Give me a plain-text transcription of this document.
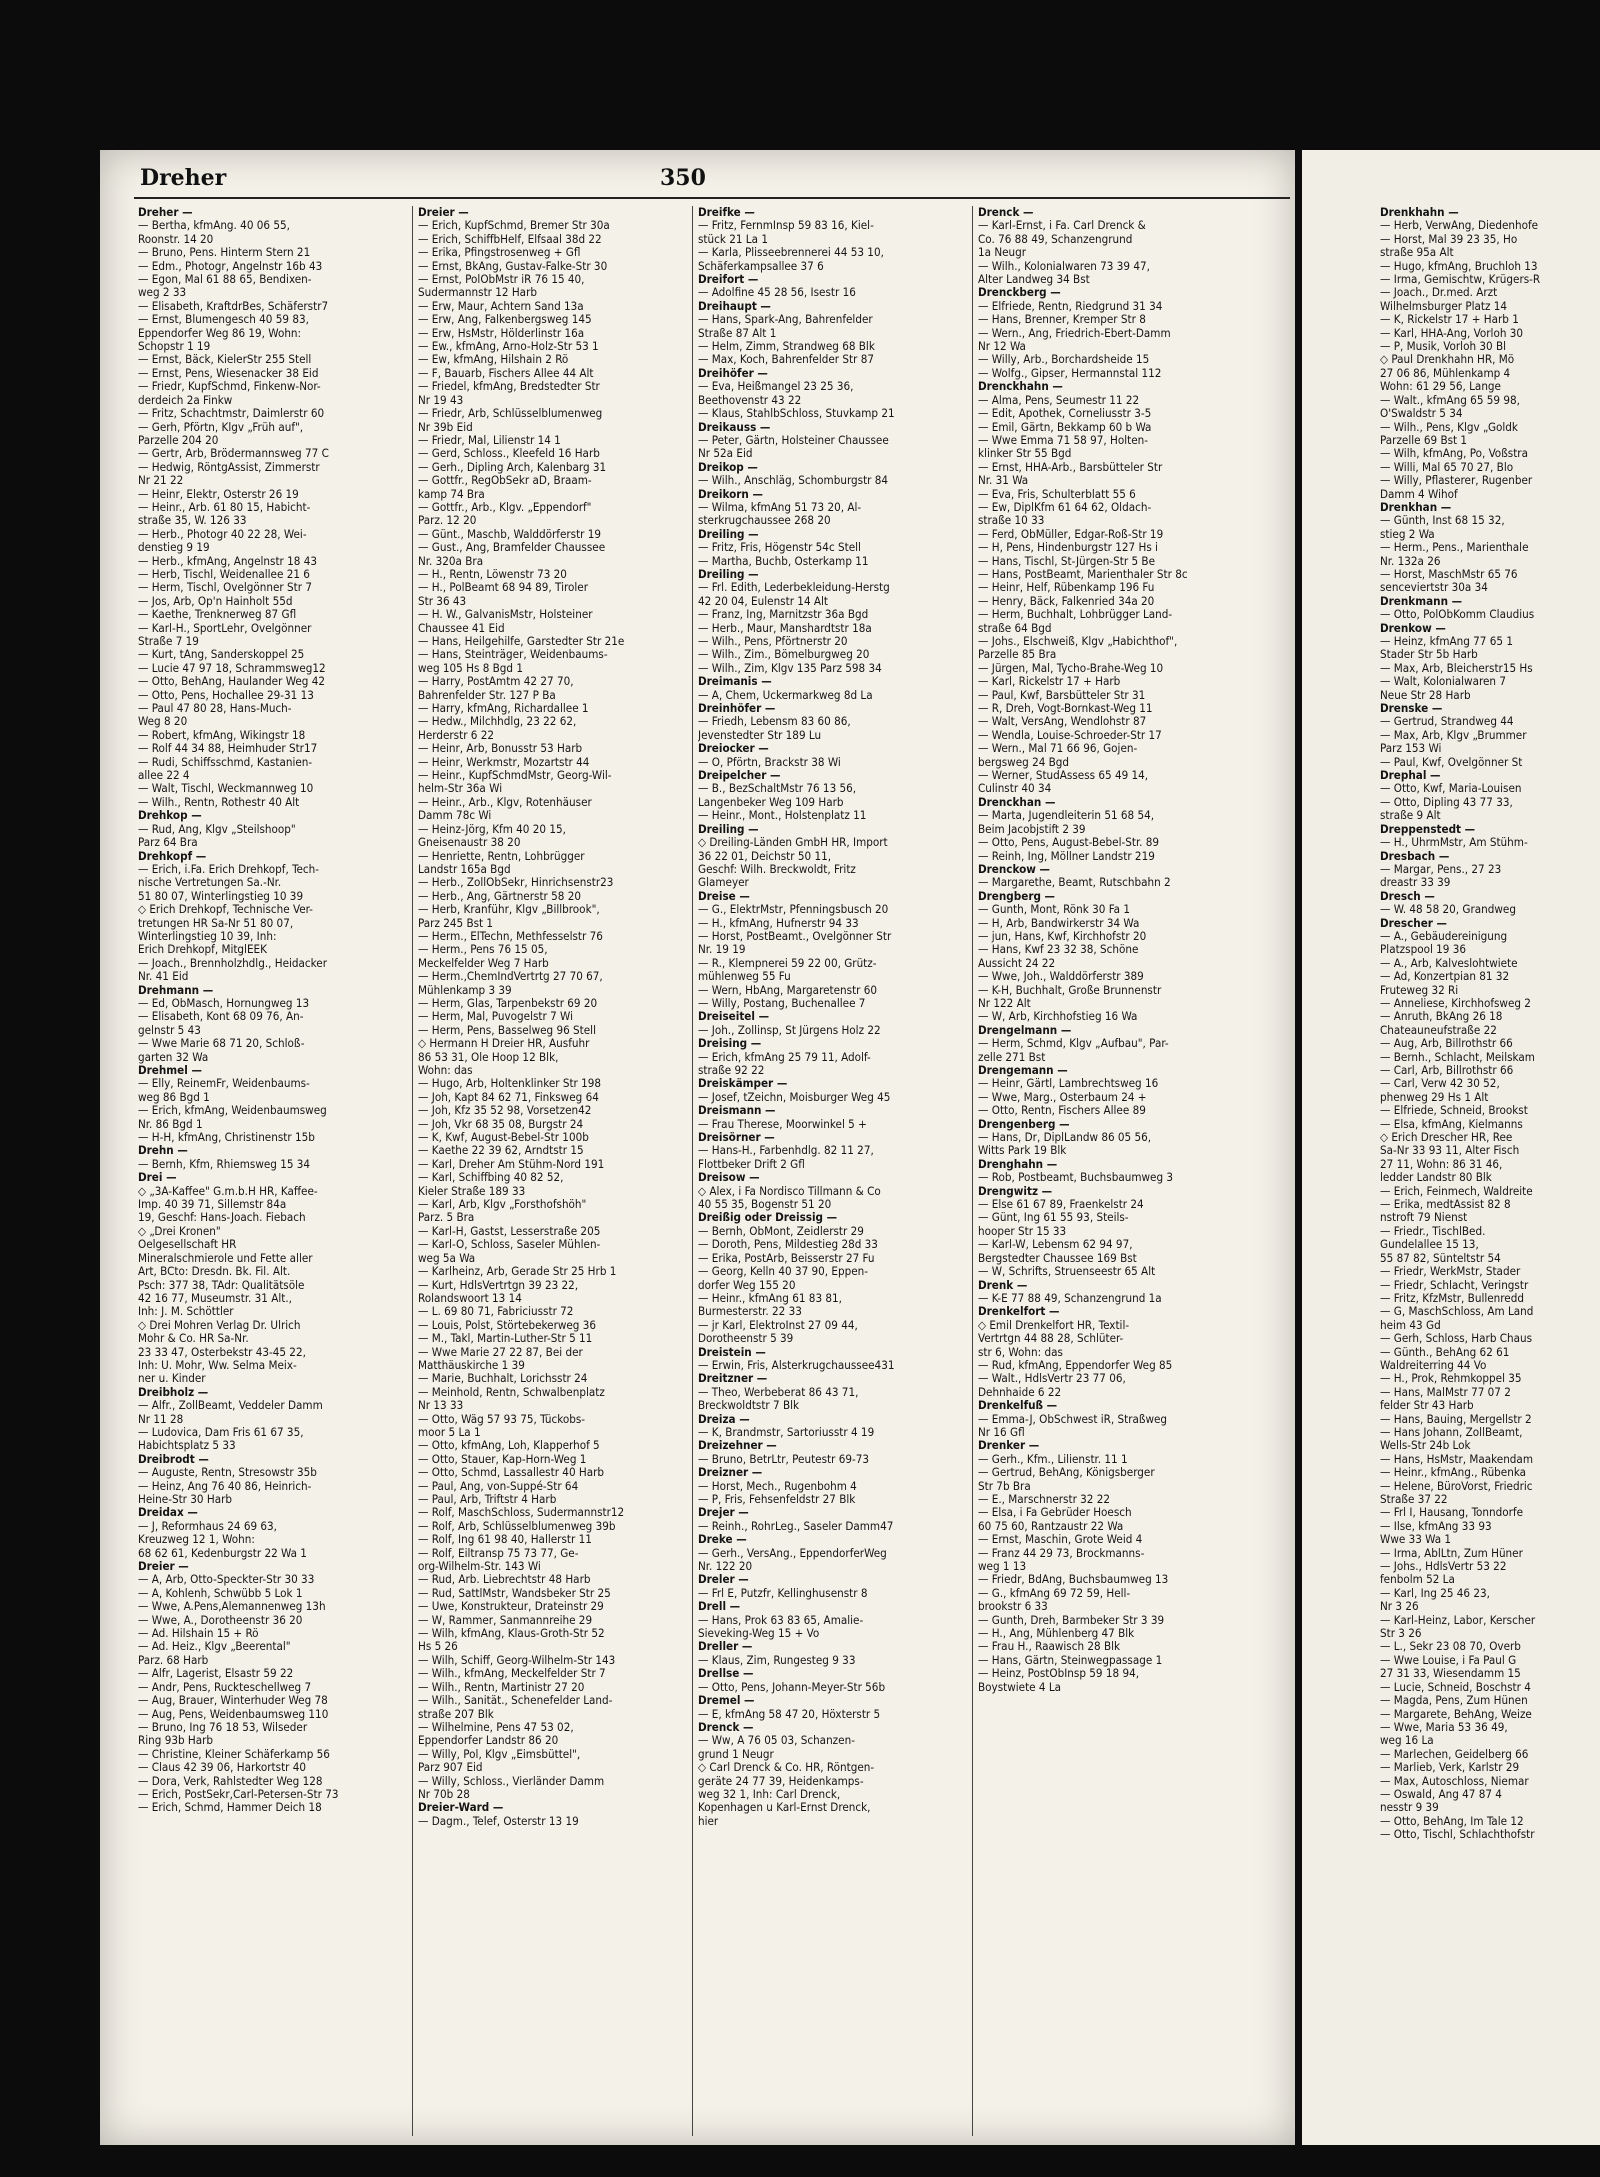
Dreher	350
Dreher —
— Bertha, kfmAng. 40 06 55,
Roonstr. 14 20
— Bruno, Pens. Hinterm Stern 21
— Edm., Photogr, Angelnstr 16b 43
— Egon, Mal 61 88 65, Bendixen-
weg 2 33
— Elisabeth, KraftdrBes, Schäferstr7
— Ernst, Blumengesch 40 59 83,
Eppendorfer Weg 86 19, Wohn:
Schopstr 1 19
— Ernst, Bäck, KielerStr 255 Stell
— Ernst, Pens, Wiesenacker 38 Eid
— Friedr, KupfSchmd, Finkenw-Nor-
derdeich 2a Finkw
— Fritz, Schachtmstr, Daimlerstr 60
— Gerh, Pförtn, Klgv „Früh auf",
Parzelle 204 20
— Gertr, Arb, Brödermannsweg 77 C
— Hedwig, RöntgAssist, Zimmerstr
Nr 21 22
— Heinr, Elektr, Osterstr 26 19
— Heinr., Arb. 61 80 15, Habicht-
straße 35, W. 126 33
— Herb., Photogr 40 22 28, Wei-
denstieg 9 19
— Herb., kfmAng, Angelnstr 18 43
— Herb, Tischl, Weidenallee 21 6
— Herm, Tischl, Ovelgönner Str 7
— Jos, Arb, Op'n Hainholt 55d
— Kaethe, Trenknerweg 87 Gfl
— Karl-H., SportLehr, Ovelgönner
Straße 7 19
— Kurt, tAng, Sanderskoppel 25
— Lucie 47 97 18, Schrammsweg12
— Otto, BehAng, Haulander Weg 42
— Otto, Pens, Hochallee 29-31 13
— Paul 47 80 28, Hans-Much-
Weg 8 20
— Robert, kfmAng, Wikingstr 18
— Rolf 44 34 88, Heimhuder Str17
— Rudi, Schiffsschmd, Kastanien-
allee 22 4
— Walt, Tischl, Weckmannweg 10
— Wilh., Rentn, Rothestr 40 Alt
Drehkop —
— Rud, Ang, Klgv „Steilshoop"
Parz 64 Bra
Drehkopf —
— Erich, i.Fa. Erich Drehkopf, Tech-
nische Vertretungen Sa.-Nr.
51 80 07, Winterlingstieg 10 39
◇ Erich Drehkopf, Technische Ver-
tretungen HR Sa-Nr 51 80 07,
Winterlingstieg 10 39, Inh:
Erich Drehkopf, MitglEEK
— Joach., Brennholzhdlg., Heidacker
Nr. 41 Eid
Drehmann —
— Ed, ObMasch, Hornungweg 13
— Elisabeth, Kont 68 09 76, An-
gelnstr 5 43
— Wwe Marie 68 71 20, Schloß-
garten 32 Wa
Drehmel —
— Elly, ReinemFr, Weidenbaums-
weg 86 Bgd 1
— Erich, kfmAng, Weidenbaumsweg
Nr. 86 Bgd 1
— H-H, kfmAng, Christinenstr 15b
Drehn —
— Bernh, Kfm, Rhiemsweg 15 34
Drei —
◇ „3A-Kaffee" G.m.b.H HR, Kaffee-
Imp. 40 39 71, Sillemstr 84a
19, Geschf: Hans-Joach. Fiebach
◇ „Drei Kronen"
Oelgesellschaft HR
Mineralschmierole und Fette aller
Art, BCto: Dresdn. Bk. Fil. Alt.
Psch: 377 38, TAdr: Qualitätsöle
42 16 77, Museumstr. 31 Alt.,
Inh: J. M. Schöttler
◇ Drei Mohren Verlag Dr. Ulrich
Mohr & Co. HR Sa-Nr.
23 33 47, Osterbekstr 43-45 22,
Inh: U. Mohr, Ww. Selma Meix-
ner u. Kinder
Dreibholz —
— Alfr., ZollBeamt, Veddeler Damm
Nr 11 28
— Ludovica, Dam Fris 61 67 35,
Habichtsplatz 5 33
Dreibrodt —
— Auguste, Rentn, Stresowstr 35b
— Heinz, Ang 76 40 86, Heinrich-
Heine-Str 30 Harb
Dreidax —
— J, Reformhaus 24 69 63,
Kreuzweg 12 1, Wohn:
68 62 61, Kedenburgstr 22 Wa 1
Dreier —
— A, Arb, Otto-Speckter-Str 30 33
— A, Kohlenh, Schwübb 5 Lok 1
— Wwe, A.Pens,Alemannenweg 13h
— Wwe, A., Dorotheenstr 36 20
— Ad. Hilshain 15 + Rö
— Ad. Heiz., Klgv „Beerental"
Parz. 68 Harb
— Alfr, Lagerist, Elsastr 59 22
— Andr, Pens, Ruckteschellweg 7
— Aug, Brauer, Winterhuder Weg 78
— Aug, Pens, Weidenbaumsweg 110
— Bruno, Ing 76 18 53, Wilseder
Ring 93b Harb
— Christine, Kleiner Schäferkamp 56
— Claus 42 39 06, Harkortstr 40
— Dora, Verk, Rahlstedter Weg 128
— Erich, PostSekr,Carl-Petersen-Str 73
— Erich, Schmd, Hammer Deich 18
Dreier —
— Erich, KupfSchmd, Bremer Str 30a
— Erich, SchiffbHelf, Elfsaal 38d 22
— Erika, Pfingstrosenweg + Gfl
— Ernst, BkAng, Gustav-Falke-Str 30
— Ernst, PolObMstr iR 76 15 40,
Sudermannstr 12 Harb
— Erw, Maur, Achtern Sand 13a
— Erw, Ang, Falkenbergsweg 145
— Erw, HsMstr, Hölderlinstr 16a
— Ew., kfmAng, Arno-Holz-Str 53 1
— Ew, kfmAng, Hilshain 2 Rö
— F, Bauarb, Fischers Allee 44 Alt
— Friedel, kfmAng, Bredstedter Str
Nr 19 43
— Friedr, Arb, Schlüsselblumenweg
Nr 39b Eid
— Friedr, Mal, Lilienstr 14 1
— Gerd, Schloss., Kleefeld 16 Harb
— Gerh., Dipling Arch, Kalenbarg 31
— Gottfr., RegObSekr aD, Braam-
kamp 74 Bra
— Gottfr., Arb., Klgv. „Eppendorf"
Parz. 12 20
— Günt., Maschb, Walddörferstr 19
— Gust., Ang, Bramfelder Chaussee
Nr. 320a Bra
— H., Rentn, Löwenstr 73 20
— H., PolBeamt 68 94 89, Tiroler
Str 36 43
— H. W., GalvanisMstr, Holsteiner
Chaussee 41 Eid
— Hans, Heilgehilfe, Garstedter Str 21e
— Hans, Steinträger, Weidenbaums-
weg 105 Hs 8 Bgd 1
— Harry, PostAmtm 42 27 70,
Bahrenfelder Str. 127 P Ba
— Harry, kfmAng, Richardallee 1
— Hedw., Milchhdlg, 23 22 62,
Herderstr 6 22
— Heinr, Arb, Bonusstr 53 Harb
— Heinr, Werkmstr, Mozartstr 44
— Heinr., KupfSchmdMstr, Georg-Wil-
helm-Str 36a Wi
— Heinr., Arb., Klgv, Rotenhäuser
Damm 78c Wi
— Heinz-Jörg, Kfm 40 20 15,
Gneisenaustr 38 20
— Henriette, Rentn, Lohbrügger
Landstr 165a Bgd
— Herb., ZollObSekr, Hinrichsenstr23
— Herb., Ang, Gärtnerstr 58 20
— Herb, Kranführ, Klgv „Billbrook",
Parz 245 Bst 1
— Herm., ElTechn, Methfesselstr 76
— Herm., Pens 76 15 05,
Meckelfelder Weg 7 Harb
— Herm.,ChemIndVertrtg 27 70 67,
Mühlenkamp 3 39
— Herm, Glas, Tarpenbekstr 69 20
— Herm, Mal, Puvogelstr 7 Wi
— Herm, Pens, Basselweg 96 Stell
◇ Hermann H Dreier HR, Ausfuhr
86 53 31, Ole Hoop 12 Blk,
Wohn: das
— Hugo, Arb, Holtenklinker Str 198
— Joh, Kapt 84 62 71, Finksweg 64
— Joh, Kfz 35 52 98, Vorsetzen42
— Joh, Vkr 68 35 08, Burgstr 24
— K, Kwf, August-Bebel-Str 100b
— Kaethe 22 39 62, Arndtstr 15
— Karl, Dreher Am Stühm-Nord 191
— Karl, Schiffbing 40 82 52,
Kieler Straße 189 33
— Karl, Arb, Klgv „Forsthofshöh"
Parz. 5 Bra
— Karl-H, Gastst, Lesserstraße 205
— Karl-O, Schloss, Saseler Mühlen-
weg 5a Wa
— Karlheinz, Arb, Gerade Str 25 Hrb 1
— Kurt, HdlsVertrtgn 39 23 22,
Rolandswoort 13 14
— L. 69 80 71, Fabriciusstr 72
— Louis, Polst, Störtebekerweg 36
— M., Takl, Martin-Luther-Str 5 11
— Wwe Marie 27 22 87, Bei der
Matthäuskirche 1 39
— Marie, Buchhalt, Lorichsstr 24
— Meinhold, Rentn, Schwalbenplatz
Nr 13 33
— Otto, Wäg 57 93 75, Tückobs-
moor 5 La 1
— Otto, kfmAng, Loh, Klapperhof 5
— Otto, Stauer, Kap-Horn-Weg 1
— Otto, Schmd, Lassallestr 40 Harb
— Paul, Ang, von-Suppé-Str 64
— Paul, Arb, Triftstr 4 Harb
— Rolf, MaschSchloss, Sudermannstr12
— Rolf, Arb, Schlüsselblumenweg 39b
— Rolf, Ing 61 98 40, Hallerstr 11
— Rolf, Eiltransp 75 73 77, Ge-
org-Wilhelm-Str. 143 Wi
— Rud, Arb. Liebrechtstr 48 Harb
— Rud, SattlMstr, Wandsbeker Str 25
— Uwe, Konstrukteur, Drateinstr 29
— W, Rammer, Sanmannreihe 29
— Wilh, kfmAng, Klaus-Groth-Str 52
Hs 5 26
— Wilh, Schiff, Georg-Wilhelm-Str 143
— Wilh., kfmAng, Meckelfelder Str 7
— Wilh., Rentn, Martinistr 27 20
— Wilh., Sanität., Schenefelder Land-
straße 207 Blk
— Wilhelmine, Pens 47 53 02,
Eppendorfer Landstr 86 20
— Willy, Pol, Klgv „Eimsbüttel",
Parz 907 Eid
— Willy, Schloss., Vierländer Damm
Nr 70b 28
Dreier-Ward —
— Dagm., Telef, Osterstr 13 19
Dreifke —
— Fritz, FernmInsp 59 83 16, Kiel-
stück 21 La 1
— Karla, Plisseebrennerei 44 53 10,
Schäferkampsallee 37 6
Dreifort —
— Adolfine 45 28 56, Isestr 16
Dreihaupt —
— Hans, Spark-Ang, Bahrenfelder
Straße 87 Alt 1
— Helm, Zimm, Strandweg 68 Blk
— Max, Koch, Bahrenfelder Str 87
Dreihöfer —
— Eva, Heißmangel 23 25 36,
Beethovenstr 43 22
— Klaus, StahlbSchloss, Stuvkamp 21
Dreikauss —
— Peter, Gärtn, Holsteiner Chaussee
Nr 52a Eid
Dreikop —
— Wilh., Anschläg, Schomburgstr 84
Dreikorn —
— Wilma, kfmAng 51 73 20, Al-
sterkrugchaussee 268 20
Dreiling —
— Fritz, Fris, Högenstr 54c Stell
— Martha, Buchb, Osterkamp 11
Dreiling —
— Frl. Edith, Lederbekleidung-Herstg
42 20 04, Eulenstr 14 Alt
— Franz, Ing, Marnitzstr 36a Bgd
— Herb., Maur, Manshardtstr 18a
— Wilh., Pens, Pförtnerstr 20
— Wilh., Zim., Bömelburgweg 20
— Wilh., Zim, Klgv 135 Parz 598 34
Dreimanis —
— A, Chem, Uckermarkweg 8d La
Dreinhöfer —
— Friedh, Lebensm 83 60 86,
Jevenstedter Str 189 Lu
Dreiocker —
— O, Pförtn, Brackstr 38 Wi
Dreipelcher —
— B., BezSchaltMstr 76 13 56,
Langenbeker Weg 109 Harb
— Heinr., Mont., Holstenplatz 11
Dreiling —
◇ Dreiling-Länden GmbH HR, Import
36 22 01, Deichstr 50 11,
Geschf: Wilh. Breckwoldt, Fritz
Glameyer
Dreise —
— G., ElektrMstr, Pfenningsbusch 20
— H., kfmAng, Hufnerstr 94 33
— Horst, PostBeamt., Ovelgönner Str
Nr. 19 19
— R., Klempnerei 59 22 00, Grütz-
mühlenweg 55 Fu
— Wern, HbAng, Margaretenstr 60
— Willy, Postang, Buchenallee 7
Dreiseitel —
— Joh., Zollinsp, St Jürgens Holz 22
Dreising —
— Erich, kfmAng 25 79 11, Adolf-
straße 92 22
Dreiskämper —
— Josef, tZeichn, Moisburger Weg 45
Dreismann —
— Frau Therese, Moorwinkel 5 +
Dreisörner —
— Hans-H., Farbenhdlg. 82 11 27,
Flottbeker Drift 2 Gfl
Dreisow —
◇ Alex, i Fa Nordisco Tillmann & Co
40 55 35, Bogenstr 51 20
Dreißig oder Dreissig —
— Bernh, ObMont, Zeidlerstr 29
— Doroth, Pens, Mildestieg 28d 33
— Erika, PostArb, Beisserstr 27 Fu
— Georg, Kelln 40 37 90, Eppen-
dorfer Weg 155 20
— Heinr., kfmAng 61 83 81,
Burmesterstr. 22 33
— jr Karl, ElektroInst 27 09 44,
Dorotheenstr 5 39
Dreistein —
— Erwin, Fris, Alsterkrugchaussee431
Dreitzner —
— Theo, Werbeberat 86 43 71,
Breckwoldtstr 7 Blk
Dreiza —
— K, Brandmstr, Sartoriusstr 4 19
Dreizehner —
— Bruno, BetrLtr, Peutestr 69-73
Dreizner —
— Horst, Mech., Rugenbohm 4
— P, Fris, Fehsenfeldstr 27 Blk
Drejer —
— Reinh., RohrLeg., Saseler Damm47
Dreke —
— Gerh., VersAng., EppendorferWeg
Nr. 122 20
Dreler —
— Frl E, Putzfr, Kellinghusenstr 8
Drell —
— Hans, Prok 63 83 65, Amalie-
Sieveking-Weg 15 + Vo
Dreller —
— Klaus, Zim, Rungesteg 9 33
Drellse —
— Otto, Pens, Johann-Meyer-Str 56b
Dremel —
— E, kfmAng 58 47 20, Höxterstr 5
Drenck —
— Ww, A 76 05 03, Schanzen-
grund 1 Neugr
◇ Carl Drenck & Co. HR, Röntgen-
geräte 24 77 39, Heidenkamps-
weg 32 1, Inh: Carl Drenck,
Kopenhagen u Karl-Ernst Drenck,
hier
Drenck —
— Karl-Ernst, i Fa. Carl Drenck &
Co. 76 88 49, Schanzengrund
1a Neugr
— Wilh., Kolonialwaren 73 39 47,
Alter Landweg 34 Bst
Drenckberg —
— Elfriede, Rentn, Riedgrund 31 34
— Hans, Brenner, Kremper Str 8
— Wern., Ang, Friedrich-Ebert-Damm
Nr 12 Wa
— Willy, Arb., Borchardsheide 15
— Wolfg., Gipser, Hermannstal 112
Drenckhahn —
— Alma, Pens, Seumestr 11 22
— Edit, Apothek, Corneliusstr 3-5
— Emil, Gärtn, Bekkamp 60 b Wa
— Wwe Emma 71 58 97, Holten-
klinker Str 55 Bgd
— Ernst, HHA-Arb., Barsbütteler Str
Nr. 31 Wa
— Eva, Fris, Schulterblatt 55 6
— Ew, DiplKfm 61 64 62, Oldach-
straße 10 33
— Ferd, ObMüller, Edgar-Roß-Str 19
— H, Pens, Hindenburgstr 127 Hs i
— Hans, Tischl, St-Jürgen-Str 5 Be
— Hans, PostBeamt, Marienthaler Str 8c
— Heinr, Helf, Rübenkamp 196 Fu
— Henry, Bäck, Falkenried 34a 20
— Herm, Buchhalt, Lohbrügger Land-
straße 64 Bgd
— Johs., Elschweiß, Klgv „Habichthof",
Parzelle 85 Bra
— Jürgen, Mal, Tycho-Brahe-Weg 10
— Karl, Rickelstr 17 + Harb
— Paul, Kwf, Barsbütteler Str 31
— R, Dreh, Vogt-Bornkast-Weg 11
— Walt, VersAng, Wendlohstr 87
— Wendla, Louise-Schroeder-Str 17
— Wern., Mal 71 66 96, Gojen-
bergsweg 24 Bgd
— Werner, StudAssess 65 49 14,
Culinstr 40 34
Drenckhan —
— Marta, Jugendleiterin 51 68 54,
Beim Jacobjstift 2 39
— Otto, Pens, August-Bebel-Str. 89
— Reinh, Ing, Möllner Landstr 219
Drenckow —
— Margarethe, Beamt, Rutschbahn 2
Drengberg —
— Gunth, Mont, Rönk 30 Fa 1
— H, Arb, Bandwirkerstr 34 Wa
— jun, Hans, Kwf, Kirchhofstr 20
— Hans, Kwf 23 32 38, Schöne
Aussicht 24 22
— Wwe, Joh., Walddörferstr 389
— K-H, Buchhalt, Große Brunnenstr
Nr 122 Alt
— W, Arb, Kirchhofstieg 16 Wa
Drengelmann —
— Herm, Schmd, Klgv „Aufbau", Par-
zelle 271 Bst
Drengemann —
— Heinr, Gärtl, Lambrechtsweg 16
— Wwe, Marg., Osterbaum 24 +
— Otto, Rentn, Fischers Allee 89
Drengenberg —
— Hans, Dr, DiplLandw 86 05 56,
Witts Park 19 Blk
Drenghahn —
— Rob, Postbeamt, Buchsbaumweg 3
Drengwitz —
— Else 61 67 89, Fraenkelstr 24
— Günt, Ing 61 55 93, Steils-
hooper Str 15 33
— Karl-W, Lebensm 62 94 97,
Bergstedter Chaussee 169 Bst
— W, Schrifts, Struenseestr 65 Alt
Drenk —
— K-E 77 88 49, Schanzengrund 1a
Drenkelfort —
◇ Emil Drenkelfort HR, Textil-
Vertrtgn 44 88 28, Schlüter-
str 6, Wohn: das
— Rud, kfmAng, Eppendorfer Weg 85
— Walt., HdlsVertr 23 77 06,
Dehnhaide 6 22
Drenkelfuß —
— Emma-J, ObSchwest iR, Straßweg
Nr 16 Gfl
Drenker —
— Gerh., Kfm., Lilienstr. 11 1
— Gertrud, BehAng, Königsberger
Str 7b Bra
— E., Marschnerstr 32 22
— Elsa, i Fa Gebrüder Hoesch
60 75 60, Rantzaustr 22 Wa
— Ernst, Maschin, Grote Weid 4
— Franz 44 29 73, Brockmanns-
weg 1 13
— Friedr, BdAng, Buchsbaumweg 13
— G., kfmAng 69 72 59, Hell-
brookstr 6 33
— Gunth, Dreh, Barmbeker Str 3 39
— H., Ang, Mühlenberg 47 Blk
— Frau H., Raawisch 28 Blk
— Hans, Gärtn, Steinwegpassage 1
— Heinz, PostObInsp 59 18 94,
Boystwiete 4 La
Drenkhahn —
— Herb, VerwAng, Diedenhofe
— Horst, Mal 39 23 35, Ho
straße 95a Alt
— Hugo, kfmAng, Bruchloh 13
— Irma, Gemischtw, Krügers-R
— Joach., Dr.med. Arzt
Wilhelmsburger Platz 14
— K, Rickelstr 17 + Harb 1
— Karl, HHA-Ang, Vorloh 30
— P, Musik, Vorloh 30 Bl
◇ Paul Drenkhahn HR, Mö
27 06 86, Mühlenkamp 4
Wohn: 61 29 56, Lange
— Walt., kfmAng 65 59 98,
O'Swaldstr 5 34
— Wilh., Pens, Klgv „Goldk
Parzelle 69 Bst 1
— Wilh, kfmAng, Po, Voßstra
— Willi, Mal 65 70 27, Blo
— Willy, Pflasterer, Rugenber
Damm 4 Wihof
Drenkhan —
— Günth, Inst 68 15 32,
stieg 2 Wa
— Herm., Pens., Marienthale
Nr. 132a 26
— Horst, MaschMstr 65 76
senceviertstr 30a 34
Drenkmann —
— Otto, PolObKomm Claudius
Drenkow —
— Heinz, kfmAng 77 65 1
Stader Str 5b Harb
— Max, Arb, Bleicherstr15 Hs
— Walt, Kolonialwaren 7
Neue Str 28 Harb
Drenske —
— Gertrud, Strandweg 44
— Max, Arb, Klgv „Brummer
Parz 153 Wi
— Paul, Kwf, Ovelgönner St
Drephal —
— Otto, Kwf, Maria-Louisen
— Otto, Dipling 43 77 33,
straße 9 Alt
Dreppenstedt —
— H., UhrmMstr, Am Stühm-
Dresbach —
— Margar, Pens., 27 23
dreastr 33 39
Dresch —
— W. 48 58 20, Grandweg
Drescher —
— A., Gebäudereinigung
Platzspool 19 36
— A., Arb, Kalveslohtwiete
— Ad, Konzertpian 81 32
Fruteweg 32 Ri
— Anneliese, Kirchhofsweg 2
— Anruth, BkAng 26 18
Chateauneufstraße 22
— Aug, Arb, Billrothstr 66
— Bernh., Schlacht, Meilskam
— Carl, Arb, Billrothstr 66
— Carl, Verw 42 30 52,
phenweg 29 Hs 1 Alt
— Elfriede, Schneid, Brookst
— Elsa, kfmAng, Kielmanns
◇ Erich Drescher HR, Ree
Sa-Nr 33 93 11, Alter Fisch
27 11, Wohn: 86 31 46,
ledder Landstr 80 Blk
— Erich, Feinmech, Waldreite
— Erika, medtAssist 82 8
nstroft 79 Nienst
— Friedr., TischlBed.
Gundelallee 15 13,
55 87 82, Sünteltstr 54
— Friedr, WerkMstr, Stader
— Friedr, Schlacht, Veringstr
— Fritz, KfzMstr, Bullenredd
— G, MaschSchloss, Am Land
heim 43 Gd
— Gerh, Schloss, Harb Chaus
— Günth., BehAng 62 61
Waldreiterring 44 Vo
— H., Prok, Rehmkoppel 35
— Hans, MalMstr 77 07 2
felder Str 43 Harb
— Hans, Bauing, Mergellstr 2
— Hans Johann, ZollBeamt,
Wells-Str 24b Lok
— Hans, HsMstr, Maakendam
— Heinr., kfmAng., Rübenka
— Helene, BüroVorst, Friedric
Straße 37 22
— Frl I, Hausang, Tonndorfe
— Ilse, kfmAng 33 93
Wwe 33 Wa 1
— Irma, AblLtn, Zum Hüner
— Johs., HdlsVertr 53 22
fenbolm 52 La
— Karl, Ing 25 46 23,
Nr 3 26
— Karl-Heinz, Labor, Kerscher
Str 3 26
— L., Sekr 23 08 70, Overb
— Wwe Louise, i Fa Paul G
27 31 33, Wiesendamm 15
— Lucie, Schneid, Boschstr 4
— Magda, Pens, Zum Hünen
— Margarete, BehAng, Weize
— Wwe, Maria 53 36 49,
weg 16 La
— Marlechen, Geidelberg 66
— Marlieb, Verk, Karlstr 29
— Max, Autoschloss, Niemar
— Oswald, Ang 47 87 4
nesstr 9 39
— Otto, BehAng, Im Tale 12
— Otto, Tischl, Schlachthofstr
